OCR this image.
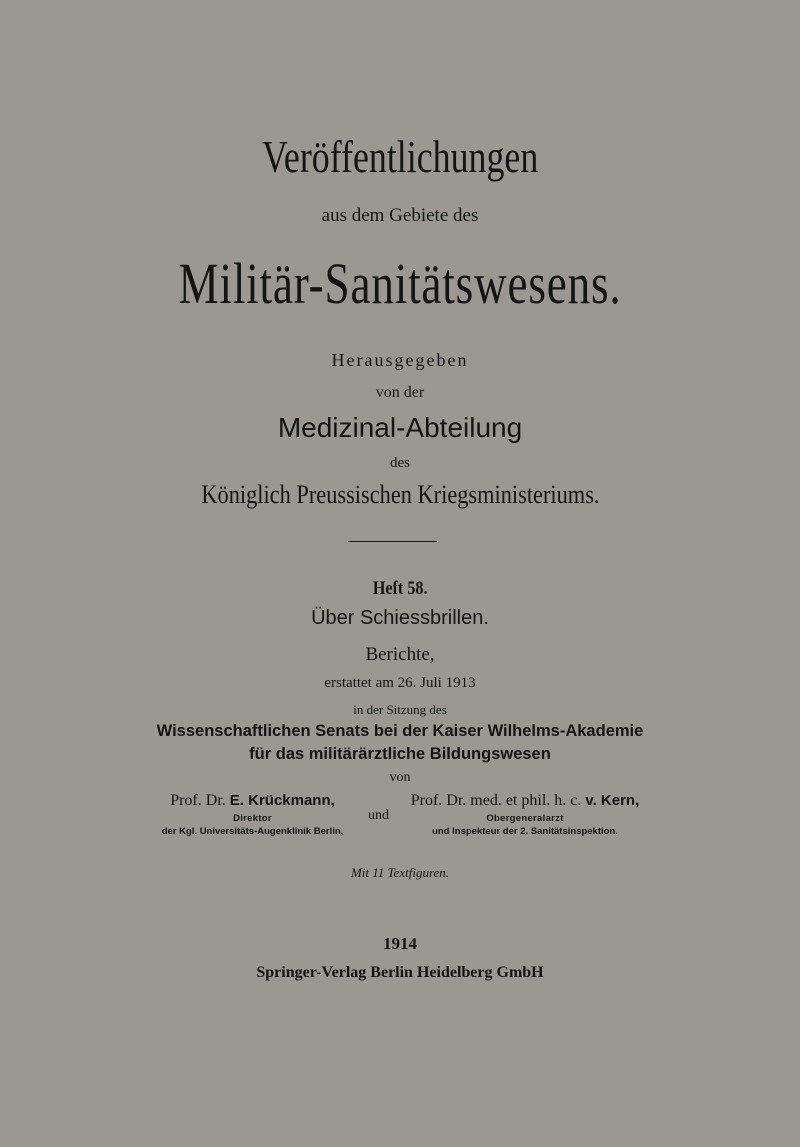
Veröffentlichungen
aus dem Gebiete des
Militär-Sanitätswesens.
Herausgegeben
von der
Medizinal-Abteilung
des
Königlich Preussischen Kriegsministeriums.
Heft 58.
Über Schiessbrillen.
Berichte,
erstattet am 26. Juli 1913
in der Sitzung des
Wissenschaftlichen Senats bei der Kaiser Wilhelms-Akademie
für das militärärztliche Bildungswesen
von
Prof. Dr. E. Krückmann,
Direktor
der Kgl. Universitäts-Augenklinik Berlin,
und
Prof. Dr. med. et phil. h. c. v. Kern,
Obergeneralarzt
und Inspekteur der 2. Sanitätsinspektion.
Mit 11 Textfiguren.
1914
Springer-Verlag Berlin Heidelberg GmbH
